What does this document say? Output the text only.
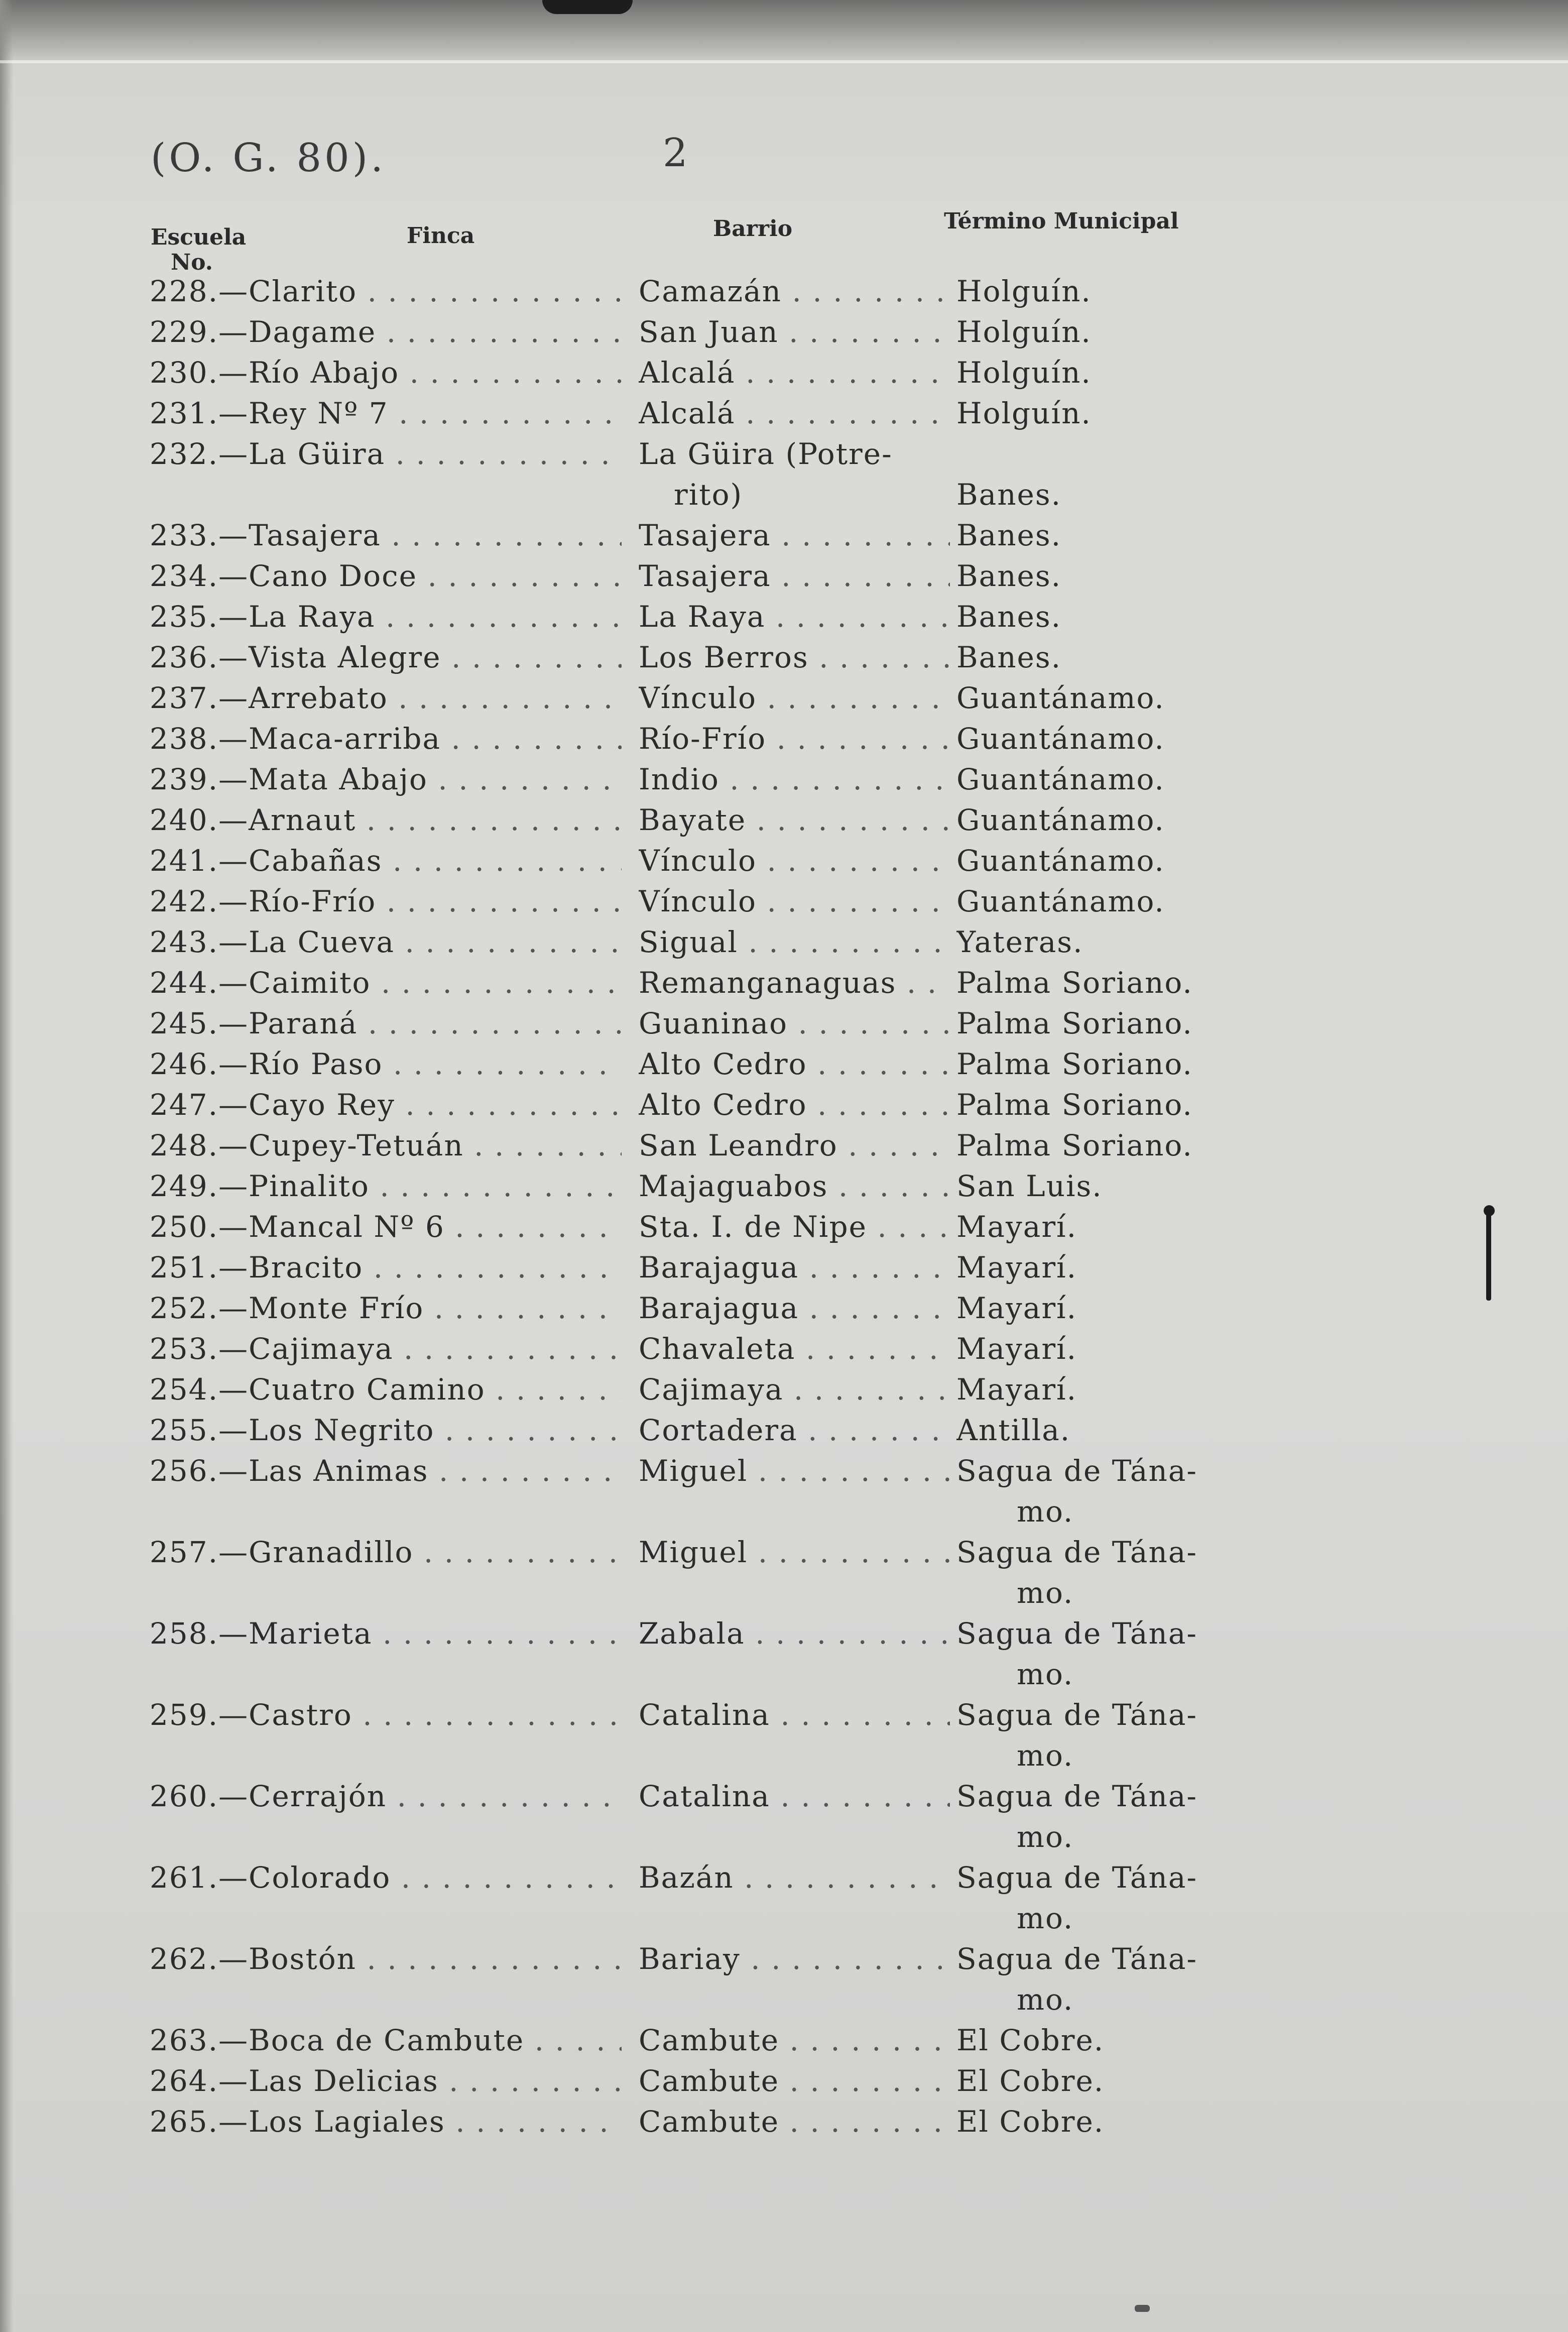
(O. G. 80).	2
Escuela
No.
Finca	Barrio	Término Municipal
228.—Clarito . . .	Camazán . . .	Holguín.
229.—Dagame . . .	San Juan . . .	Holguín.
230.—Río Abajo . . .	Alcalá . . .	Holguín.
231.—Rey Nº 7 . . .	Alcalá . . .	Holguín.
232.—La Güira . . .	La Güira (Potre-
rito)	Banes.
233.—Tasajera . . .	Tasajera . . .	Banes.
234.—Cano Doce . . .	Tasajera . . .	Banes.
235.—La Raya . . .	La Raya . . .	Banes.
236.—Vista Alegre . . .	Los Berros . . .	Banes.
237.—Arrebato . . .	Vínculo . . .	Guantánamo.
238.—Maca-arriba . . .	Río-Frío . . .	Guantánamo.
239.—Mata Abajo . . .	Indio . . .	Guantánamo.
240.—Arnaut . . .	Bayate . . .	Guantánamo.
241.—Cabañas . . .	Vínculo . . .	Guantánamo.
242.—Río-Frío . . .	Vínculo . . .	Guantánamo.
243.—La Cueva . . .	Sigual . . .	Yateras.
244.—Caimito . . .	Remanganaguas . . .	Palma Soriano.
245.—Paraná . . .	Guaninao . . .	Palma Soriano.
246.—Río Paso . . .	Alto Cedro . . .	Palma Soriano.
247.—Cayo Rey . . .	Alto Cedro . . .	Palma Soriano.
248.—Cupey-Tetuán . . .	San Leandro . . .	Palma Soriano.
249.—Pinalito . . .	Majaguabos . . .	San Luis.
250.—Mancal Nº 6 . . .	Sta. I. de Nipe . . .	Mayarí.
251.—Bracito . . .	Barajagua . . .	Mayarí.
252.—Monte Frío . . .	Barajagua . . .	Mayarí.
253.—Cajimaya . . .	Chavaleta . . .	Mayarí.
254.—Cuatro Camino . . .	Cajimaya . . .	Mayarí.
255.—Los Negrito . . .	Cortadera . . .	Antilla.
256.—Las Animas . . .	Miguel . . .	Sagua de Tána-
mo.
257.—Granadillo . . .	Miguel . . .	Sagua de Tána-
mo.
258.—Marieta . . .	Zabala . . .	Sagua de Tána-
mo.
259.—Castro . . .	Catalina . . .	Sagua de Tána-
mo.
260.—Cerrajón . . .	Catalina . . .	Sagua de Tána-
mo.
261.—Colorado . . .	Bazán . . .	Sagua de Tána-
mo.
262.—Bostón . . .	Bariay . . .	Sagua de Tána-
mo.
263.—Boca de Cambute . . .	Cambute . . .	El Cobre.
264.—Las Delicias . . .	Cambute . . .	El Cobre.
265.—Los Lagiales . . .	Cambute . . .	El Cobre.
